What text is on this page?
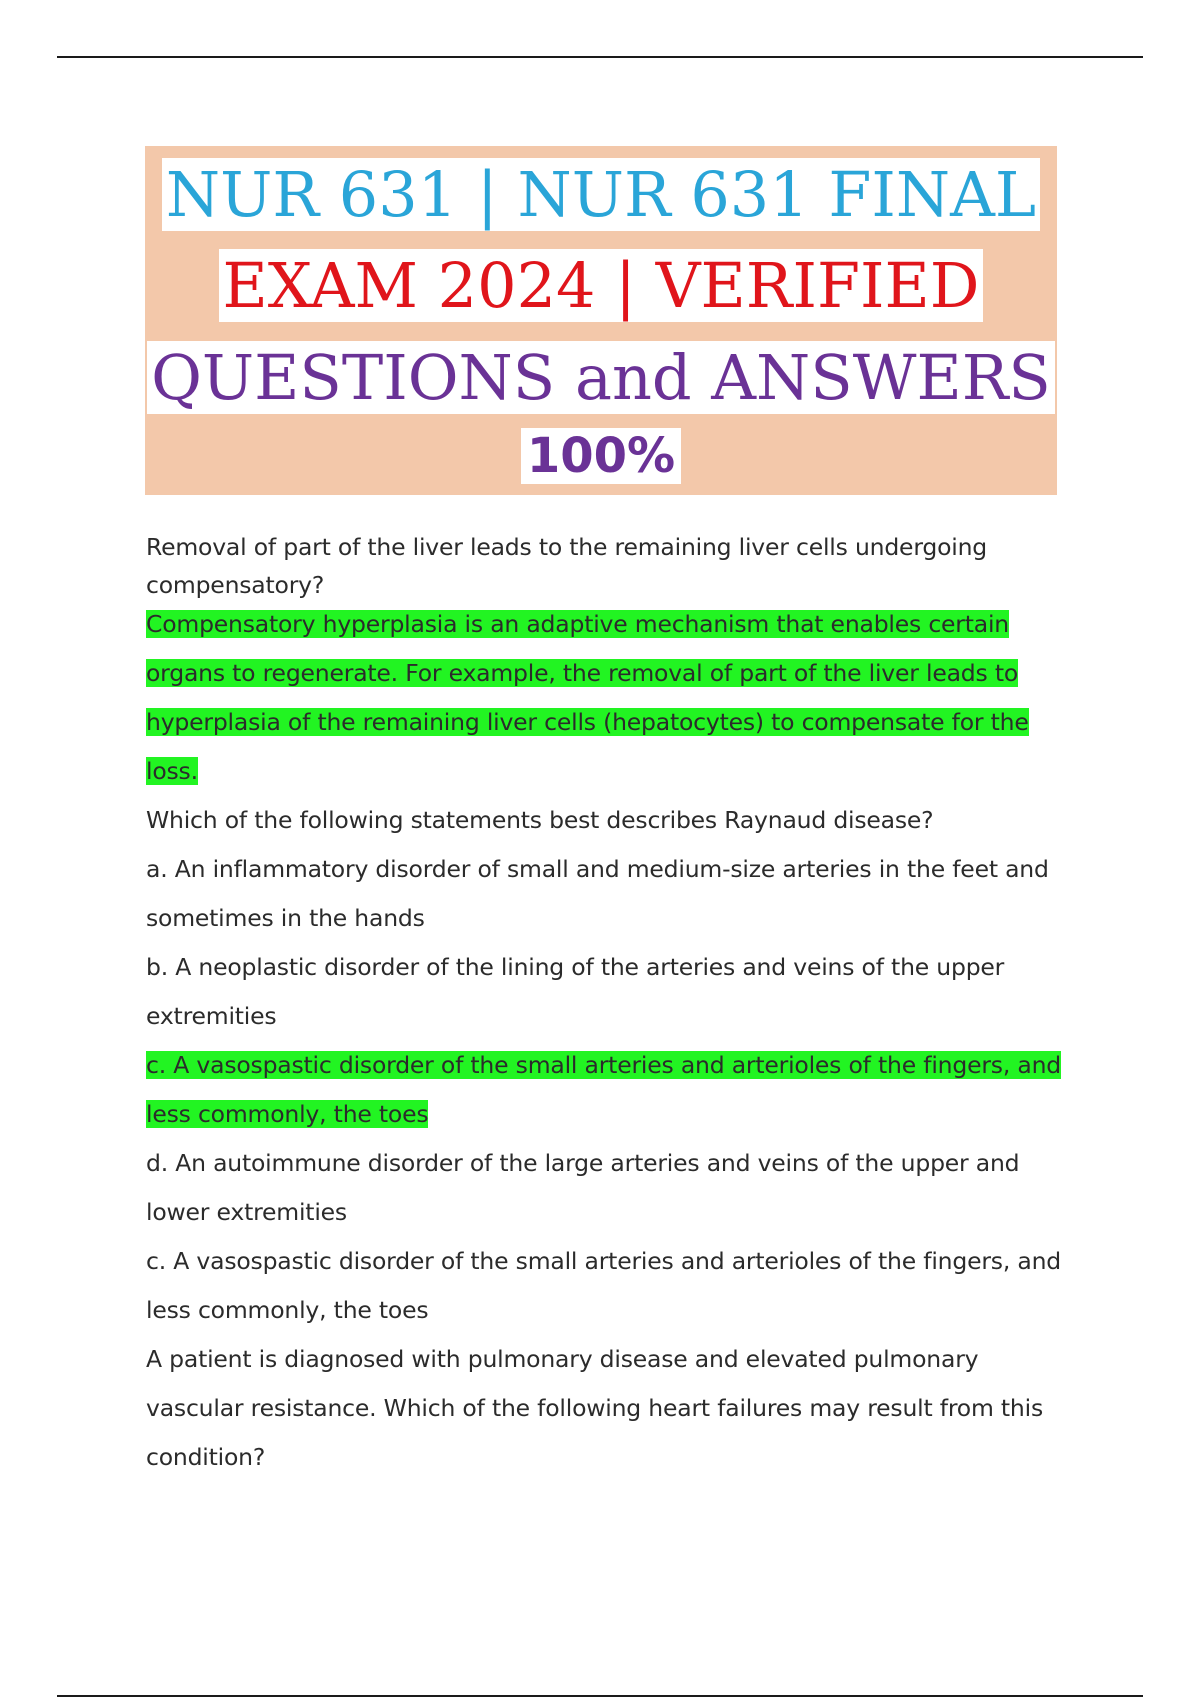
NUR 631 | NUR 631 FINAL
EXAM 2024 | VERIFIED
QUESTIONS and ANSWERS
100%

Removal of part of the liver leads to the remaining liver cells undergoing compensatory?

Compensatory hyperplasia is an adaptive mechanism that enables certain organs to regenerate. For example, the removal of part of the liver leads to hyperplasia of the remaining liver cells (hepatocytes) to compensate for the loss.

Which of the following statements best describes Raynaud disease?

a. An inflammatory disorder of small and medium-size arteries in the feet and sometimes in the hands

b. A neoplastic disorder of the lining of the arteries and veins of the upper extremities

c. A vasospastic disorder of the small arteries and arterioles of the fingers, and less commonly, the toes

d. An autoimmune disorder of the large arteries and veins of the upper and lower extremities

c. A vasospastic disorder of the small arteries and arterioles of the fingers, and less commonly, the toes

A patient is diagnosed with pulmonary disease and elevated pulmonary vascular resistance. Which of the following heart failures may result from this condition?
